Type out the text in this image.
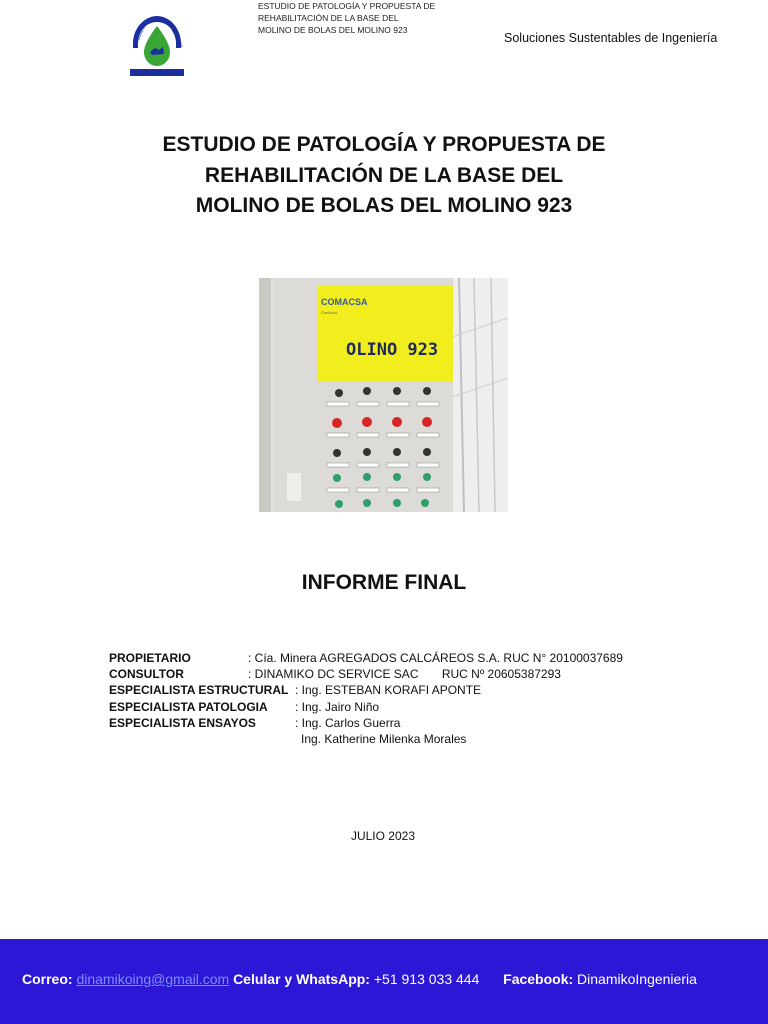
DINAMIKO	INGENIERÍA
ESTUDIO DE PATOLOGÍA Y PROPUESTA DE
REHABILITACIÓN DE LA BASE DEL
MOLINO DE BOLAS DEL MOLINO 923
Soluciones Sustentables de Ingeniería
ESTUDIO DE PATOLOGÍA Y PROPUESTA DE
REHABILITACIÓN DE LA BASE DEL
MOLINO DE BOLAS DEL MOLINO 923
COMACSA
Cantidad
OLINO 923
INFORME FINAL
PROPIETARIO	: Cía. Minera AGREGADOS CALCÁREOS S.A. RUC N° 20100037689
CONSULTOR	: DINAMIKO DC SERVICE SAC       RUC Nº 20605387293
ESPECIALISTA ESTRUCTURAL : Ing. ESTEBAN KORAFI APONTE
ESPECIALISTA PATOLOGIA : Ing. Jairo Niño
ESPECIALISTA ENSAYOS	: Ing. Carlos Guerra
Ing. Katherine Milenka Morales
JULIO 2023
Correo: dinamikoing@gmail.com Celular y WhatsApp: +51 913 033 444 Facebook: DinamikoIngenieria
